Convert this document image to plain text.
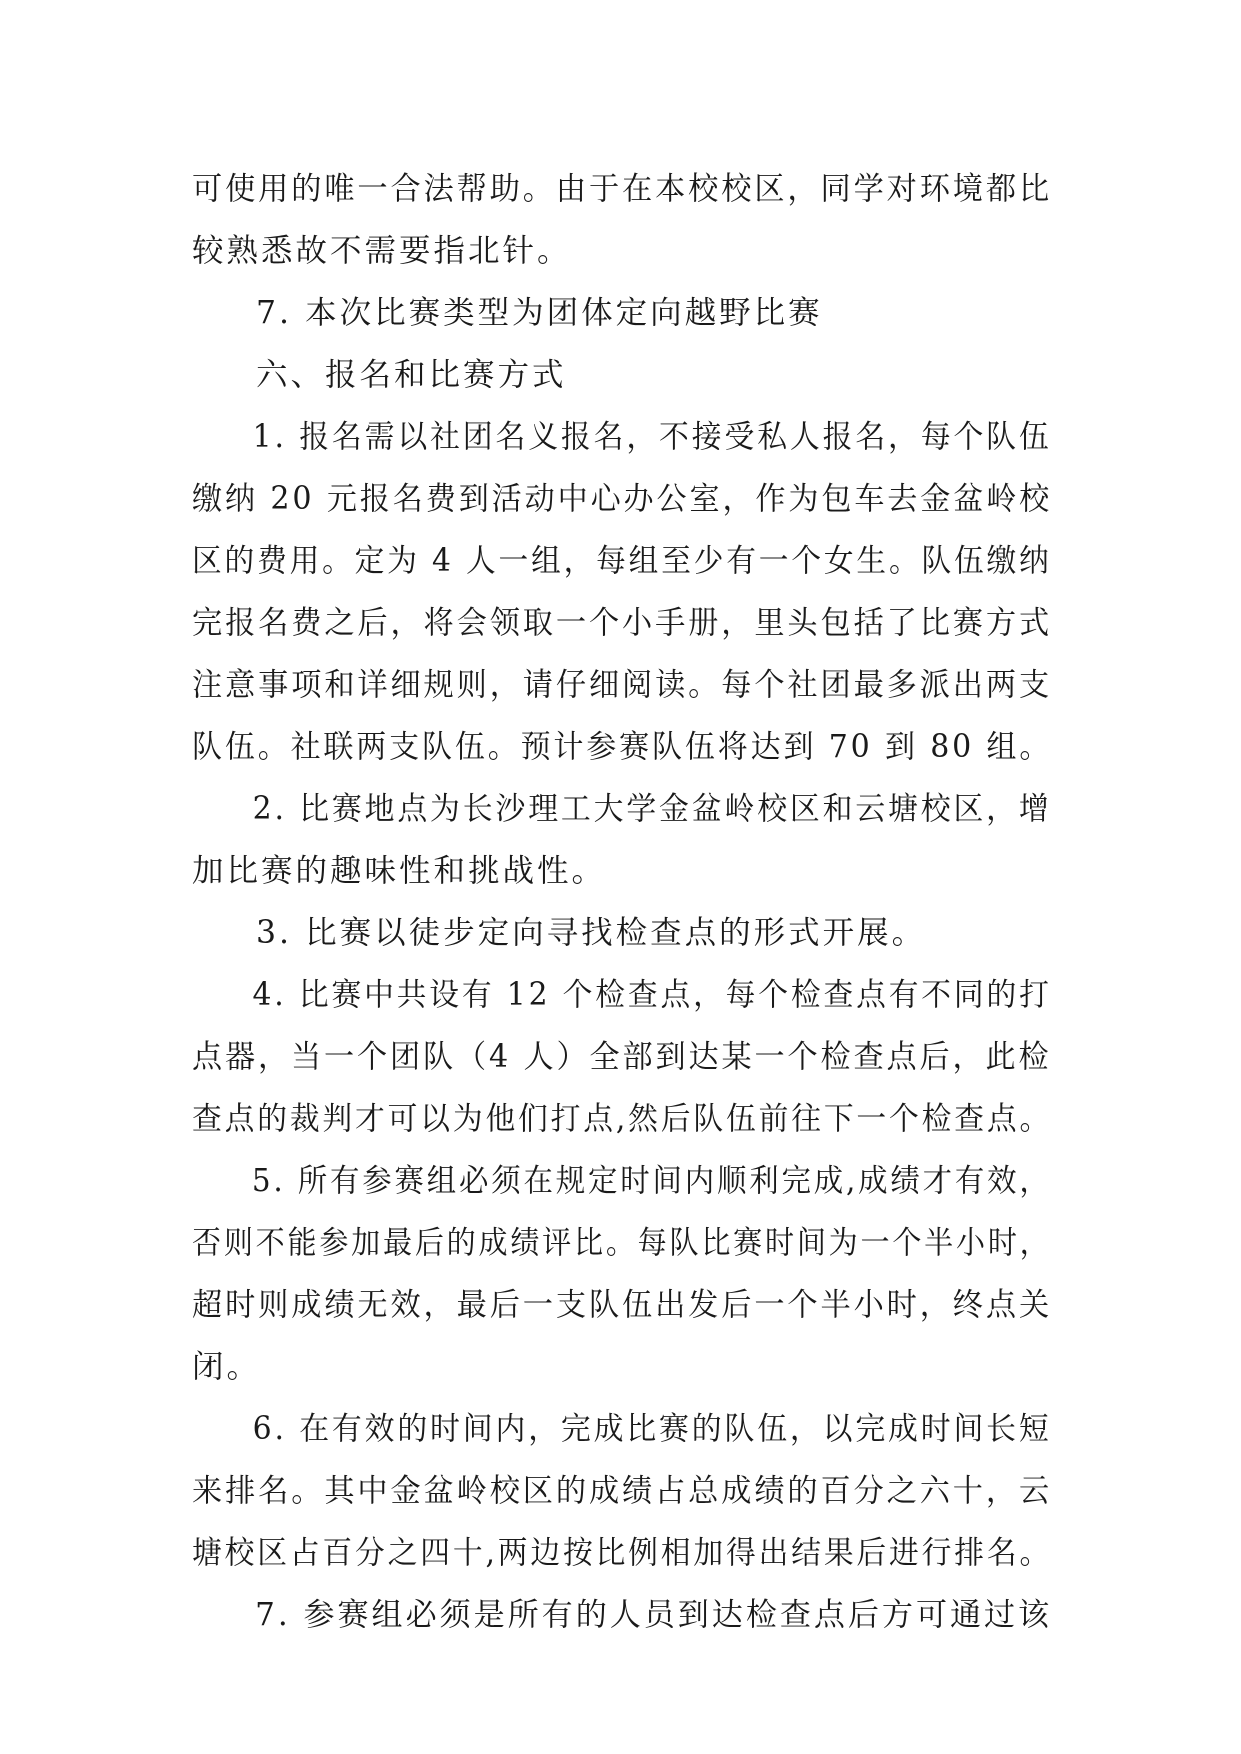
可使用的唯一合法帮助。由于在本校校区，同学对环境都比
较熟悉故不需要指北针。
7. 本次比赛类型为团体定向越野比赛
六、报名和比赛方式
1. 报名需以社团名义报名，不接受私人报名，每个队伍
缴纳 20 元报名费到活动中心办公室，作为包车去金盆岭校
区的费用。定为 4 人一组，每组至少有一个女生。队伍缴纳
完报名费之后，将会领取一个小手册，里头包括了比赛方式
注意事项和详细规则，请仔细阅读。每个社团最多派出两支
队伍。社联两支队伍。预计参赛队伍将达到 70 到 80 组。
2. 比赛地点为长沙理工大学金盆岭校区和云塘校区，增
加比赛的趣味性和挑战性。
3. 比赛以徒步定向寻找检查点的形式开展。
4. 比赛中共设有 12 个检查点，每个检查点有不同的打
点器，当一个团队（4 人）全部到达某一个检查点后，此检
查点的裁判才可以为他们打点,然后队伍前往下一个检查点。
5. 所有参赛组必须在规定时间内顺利完成,成绩才有效，
否则不能参加最后的成绩评比。每队比赛时间为一个半小时，
超时则成绩无效，最后一支队伍出发后一个半小时，终点关
闭。
6. 在有效的时间内，完成比赛的队伍，以完成时间长短
来排名。其中金盆岭校区的成绩占总成绩的百分之六十，云
塘校区占百分之四十,两边按比例相加得出结果后进行排名。
7. 参赛组必须是所有的人员到达检查点后方可通过该
